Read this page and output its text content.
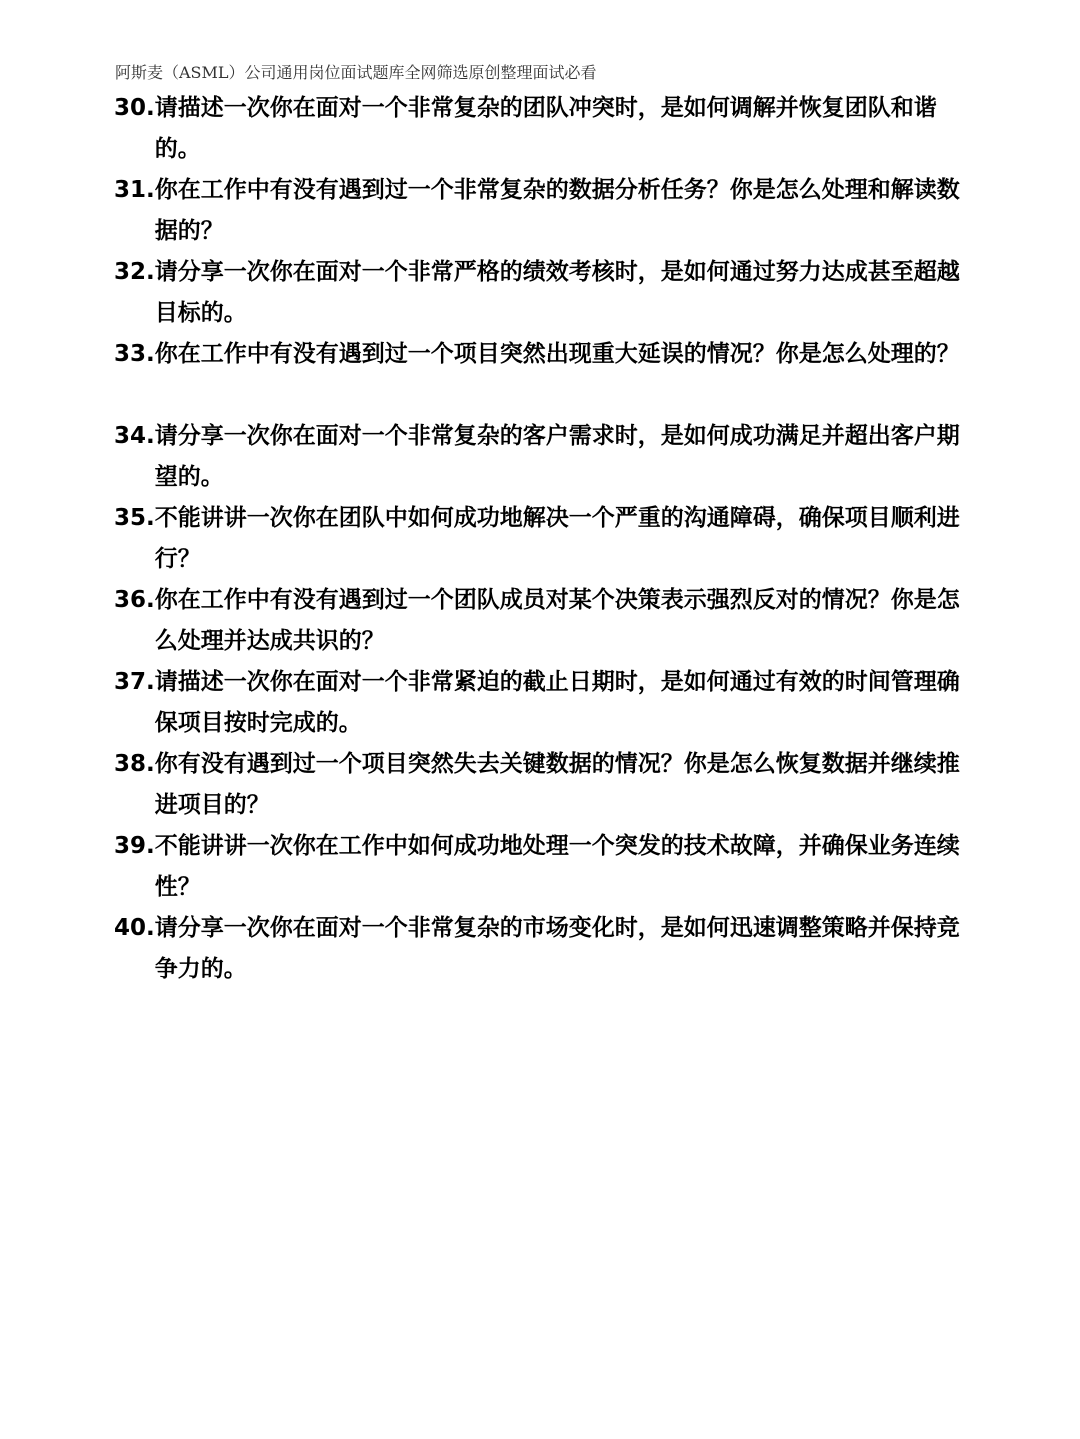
阿斯麦（ASML）公司通用岗位面试题库全网筛选原创整理面试必看
30. 请描述一次你在面对一个非常复杂的团队冲突时，是如何调解并恢复团队和谐的。
31. 你在工作中有没有遇到过一个非常复杂的数据分析任务？你是怎么处理和解读数据的？
32. 请分享一次你在面对一个非常严格的绩效考核时，是如何通过努力达成甚至超越目标的。
33. 你在工作中有没有遇到过一个项目突然出现重大延误的情况？你是怎么处理的？
34. 请分享一次你在面对一个非常复杂的客户需求时，是如何成功满足并超出客户期望的。
35. 不能讲讲一次你在团队中如何成功地解决一个严重的沟通障碍，确保项目顺利进行？
36. 你在工作中有没有遇到过一个团队成员对某个决策表示强烈反对的情况？你是怎么处理并达成共识的？
37. 请描述一次你在面对一个非常紧迫的截止日期时，是如何通过有效的时间管理确保项目按时完成的。
38. 你有没有遇到过一个项目突然失去关键数据的情况？你是怎么恢复数据并继续推进项目的？
39. 不能讲讲一次你在工作中如何成功地处理一个突发的技术故障，并确保业务连续性？
40. 请分享一次你在面对一个非常复杂的市场变化时，是如何迅速调整策略并保持竞争力的。
